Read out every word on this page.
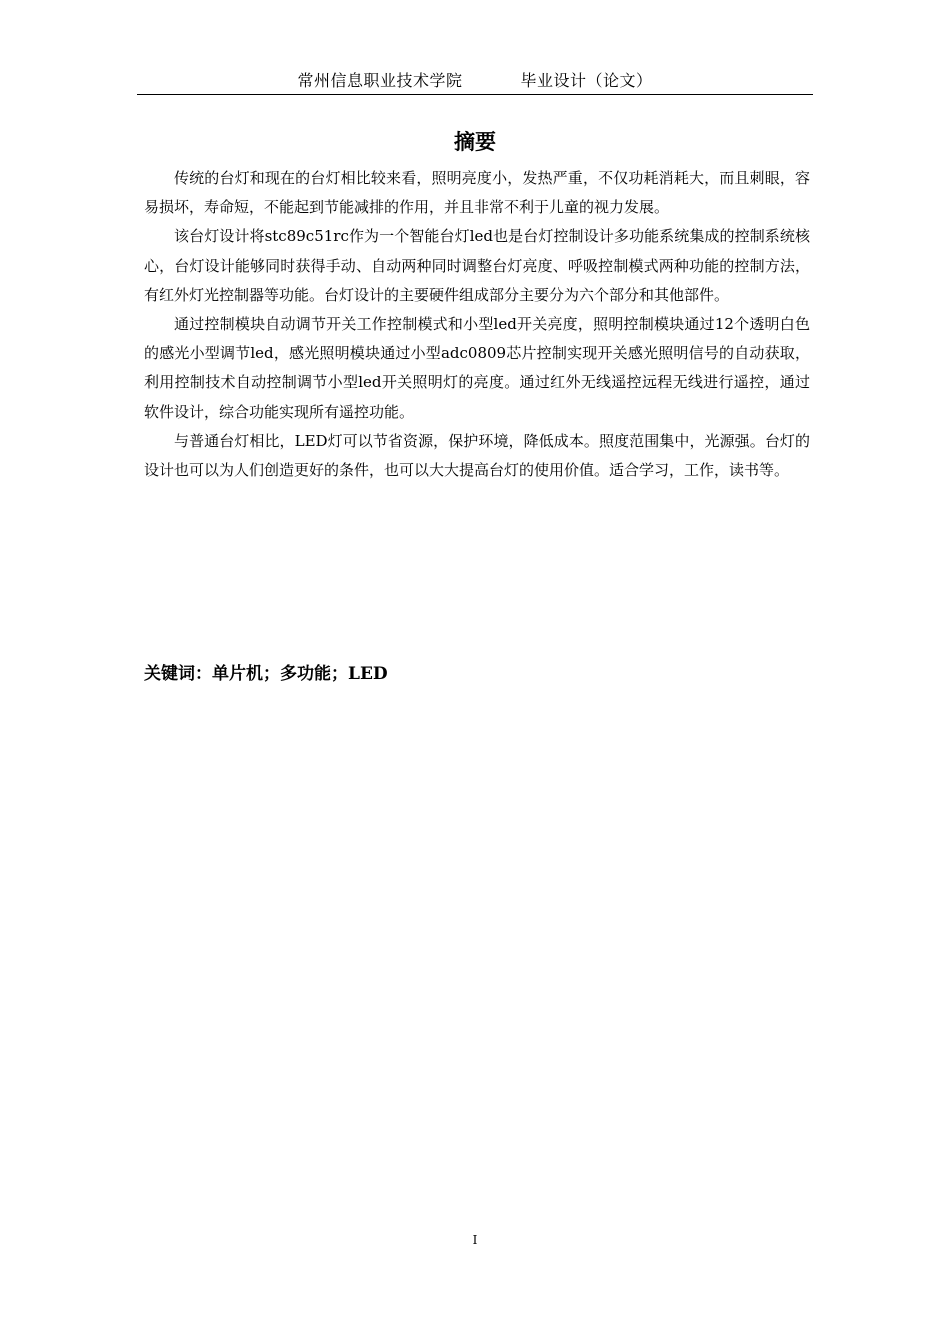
常州信息职业技术学院	毕业设计（论文）
摘要

传统的台灯和现在的台灯相比较来看，照明亮度小，发热严重，不仅功耗消耗大，而且刺眼，容易损坏，寿命短，不能起到节能减排的作用，并且非常不利于儿童的视力发展。

该台灯设计将stc89c51rc作为一个智能台灯led也是台灯控制设计多功能系统集成的控制系统核心，台灯设计能够同时获得手动、自动两种同时调整台灯亮度、呼吸控制模式两种功能的控制方法，有红外灯光控制器等功能。台灯设计的主要硬件组成部分主要分为六个部分和其他部件。

通过控制模块自动调节开关工作控制模式和小型led开关亮度，照明控制模块通过12个透明白色的感光小型调节led，感光照明模块通过小型adc0809芯片控制实现开关感光照明信号的自动获取，利用控制技术自动控制调节小型led开关照明灯的亮度。通过红外无线遥控远程无线进行遥控，通过软件设计，综合功能实现所有遥控功能。

与普通台灯相比，LED灯可以节省资源，保护环境，降低成本。照度范围集中，光源强。台灯的设计也可以为人们创造更好的条件，也可以大大提高台灯的使用价值。适合学习，工作，读书等。

关键词：单片机；多功能；LED
I
